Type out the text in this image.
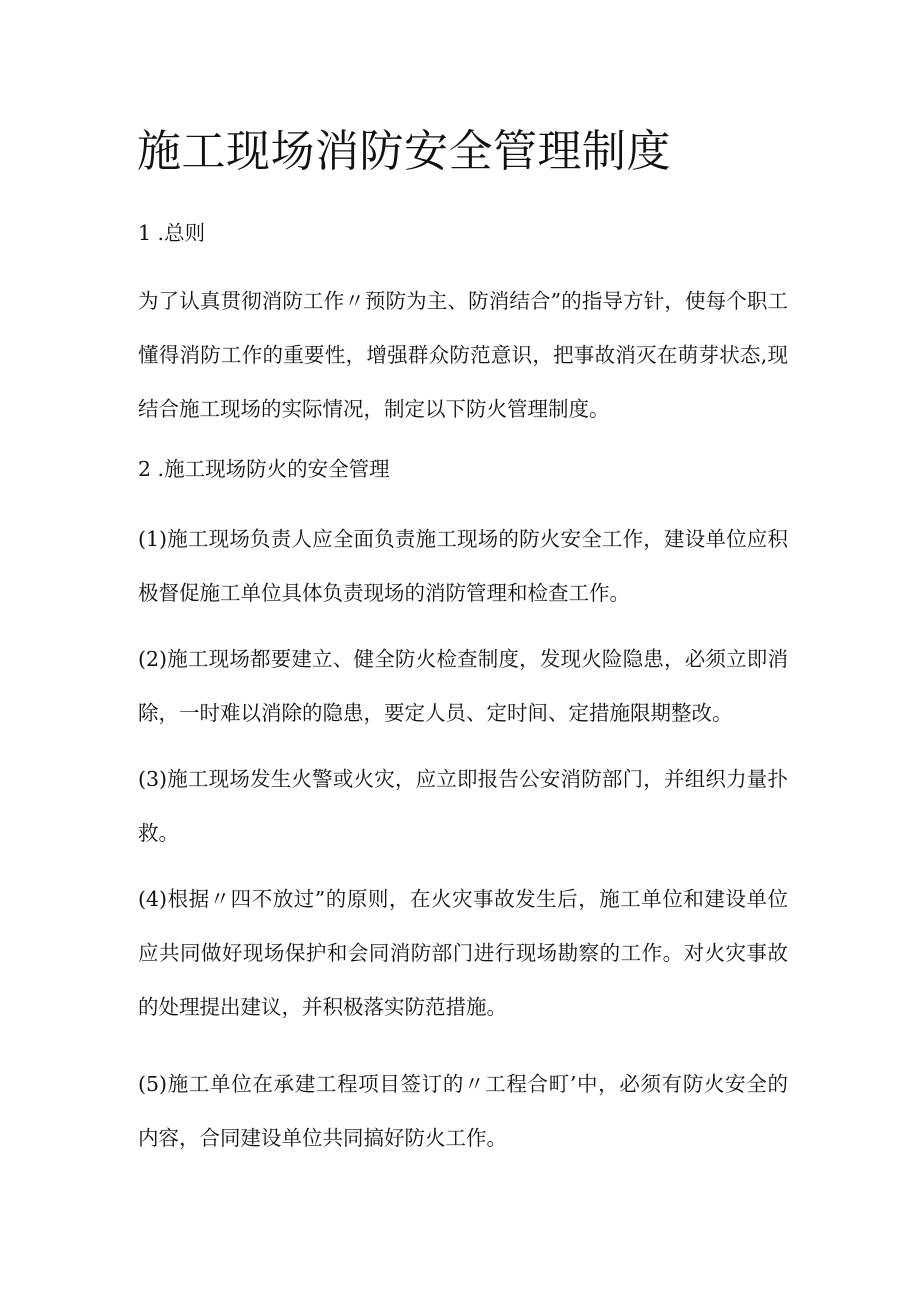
施工现场消防安全管理制度
1 .总则

为了认真贯彻消防工作〃预防为主、防消结合”的指导方针，使每个职工懂得消防工作的重要性，增强群众防范意识，把事故消灭在萌芽状态,现结合施工现场的实际情况，制定以下防火管理制度。

2 .施工现场防火的安全管理

(1)施工现场负责人应全面负责施工现场的防火安全工作，建设单位应积极督促施工单位具体负责现场的消防管理和检查工作。

(2)施工现场都要建立、健全防火检查制度，发现火险隐患，必须立即消除，一时难以消除的隐患，要定人员、定时间、定措施限期整改。

(3)施工现场发生火警或火灾，应立即报告公安消防部门，并组织力量扑救。

(4)根据〃四不放过”的原则，在火灾事故发生后，施工单位和建设单位应共同做好现场保护和会同消防部门进行现场勘察的工作。对火灾事故的处理提出建议，并积极落实防范措施。

(5)施工单位在承建工程项目签订的〃工程合町’中，必须有防火安全的内容，合同建设单位共同搞好防火工作。
